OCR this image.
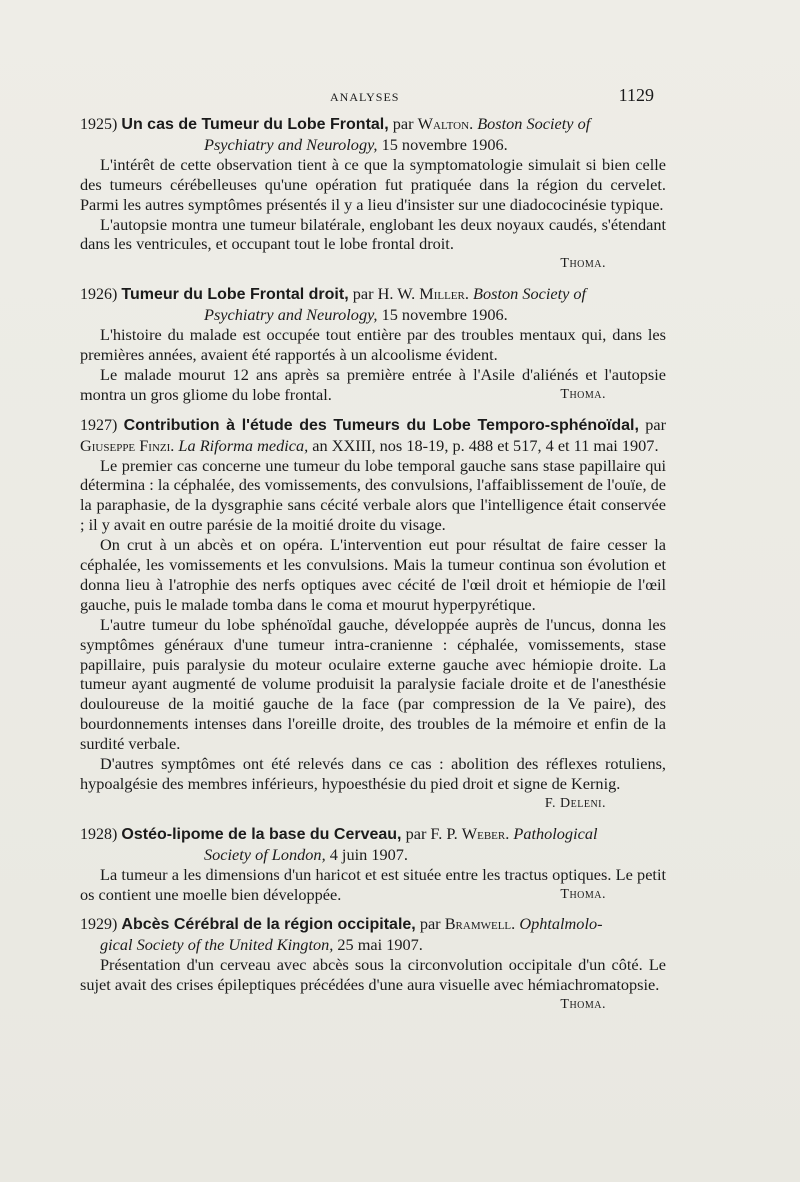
ANALYSES	1129
1925) Un cas de Tumeur du Lobe Frontal, par Walton. Boston Society of
Psychiatry and Neurology, 15 novembre 1906.

L'intérêt de cette observation tient à ce que la symptomatologie simulait si bien celle des tumeurs cérébelleuses qu'une opération fut pratiquée dans la région du cervelet. Parmi les autres symptômes présentés il y a lieu d'insister sur une diadococinésie typique.

L'autopsie montra une tumeur bilatérale, englobant les deux noyaux caudés, s'étendant dans les ventricules, et occupant tout le lobe frontal droit.

Thoma.
1926) Tumeur du Lobe Frontal droit, par H. W. Miller. Boston Society of
Psychiatry and Neurology, 15 novembre 1906.

L'histoire du malade est occupée tout entière par des troubles mentaux qui, dans les premières années, avaient été rapportés à un alcoolisme évident.

Le malade mourut 12 ans après sa première entrée à l'Asile d'aliénés et l'autopsie montra un gros gliome du lobe frontal.	Thoma.

1927) Contribution à l'étude des Tumeurs du Lobe Temporo-sphénoïdal, par Giuseppe Finzi. La Riforma medica, an XXIII, nos 18-19, p. 488 et 517, 4 et 11 mai 1907.

Le premier cas concerne une tumeur du lobe temporal gauche sans stase papillaire qui détermina : la céphalée, des vomissements, des convulsions, l'affaiblissement de l'ouïe, de la paraphasie, de la dysgraphie sans cécité verbale alors que l'intelligence était conservée ; il y avait en outre parésie de la moitié droite du visage.

On crut à un abcès et on opéra. L'intervention eut pour résultat de faire cesser la céphalée, les vomissements et les convulsions. Mais la tumeur continua son évolution et donna lieu à l'atrophie des nerfs optiques avec cécité de l'œil droit et hémiopie de l'œil gauche, puis le malade tomba dans le coma et mourut hyperpyrétique.

L'autre tumeur du lobe sphénoïdal gauche, développée auprès de l'uncus, donna les symptômes généraux d'une tumeur intra-cranienne : céphalée, vomissements, stase papillaire, puis paralysie du moteur oculaire externe gauche avec hémiopie droite. La tumeur ayant augmenté de volume produisit la paralysie faciale droite et de l'anesthésie douloureuse de la moitié gauche de la face (par compression de la Ve paire), des bourdonnements intenses dans l'oreille droite, des troubles de la mémoire et enfin de la surdité verbale.

D'autres symptômes ont été relevés dans ce cas : abolition des réflexes rotuliens, hypoalgésie des membres inférieurs, hypoesthésie du pied droit et signe de Kernig.

F. Deleni.
1928) Ostéo-lipome de la base du Cerveau, par F. P. Weber. Pathological
Society of London, 4 juin 1907.

La tumeur a les dimensions d'un haricot et est située entre les tractus optiques. Le petit os contient une moelle bien développée.	Thoma.

1929) Abcès Cérébral de la région occipitale, par Bramwell. Ophtalmolo-
gical Society of the United Kington, 25 mai 1907.

Présentation d'un cerveau avec abcès sous la circonvolution occipitale d'un côté. Le sujet avait des crises épileptiques précédées d'une aura visuelle avec hémiachromatopsie.
Thoma.
